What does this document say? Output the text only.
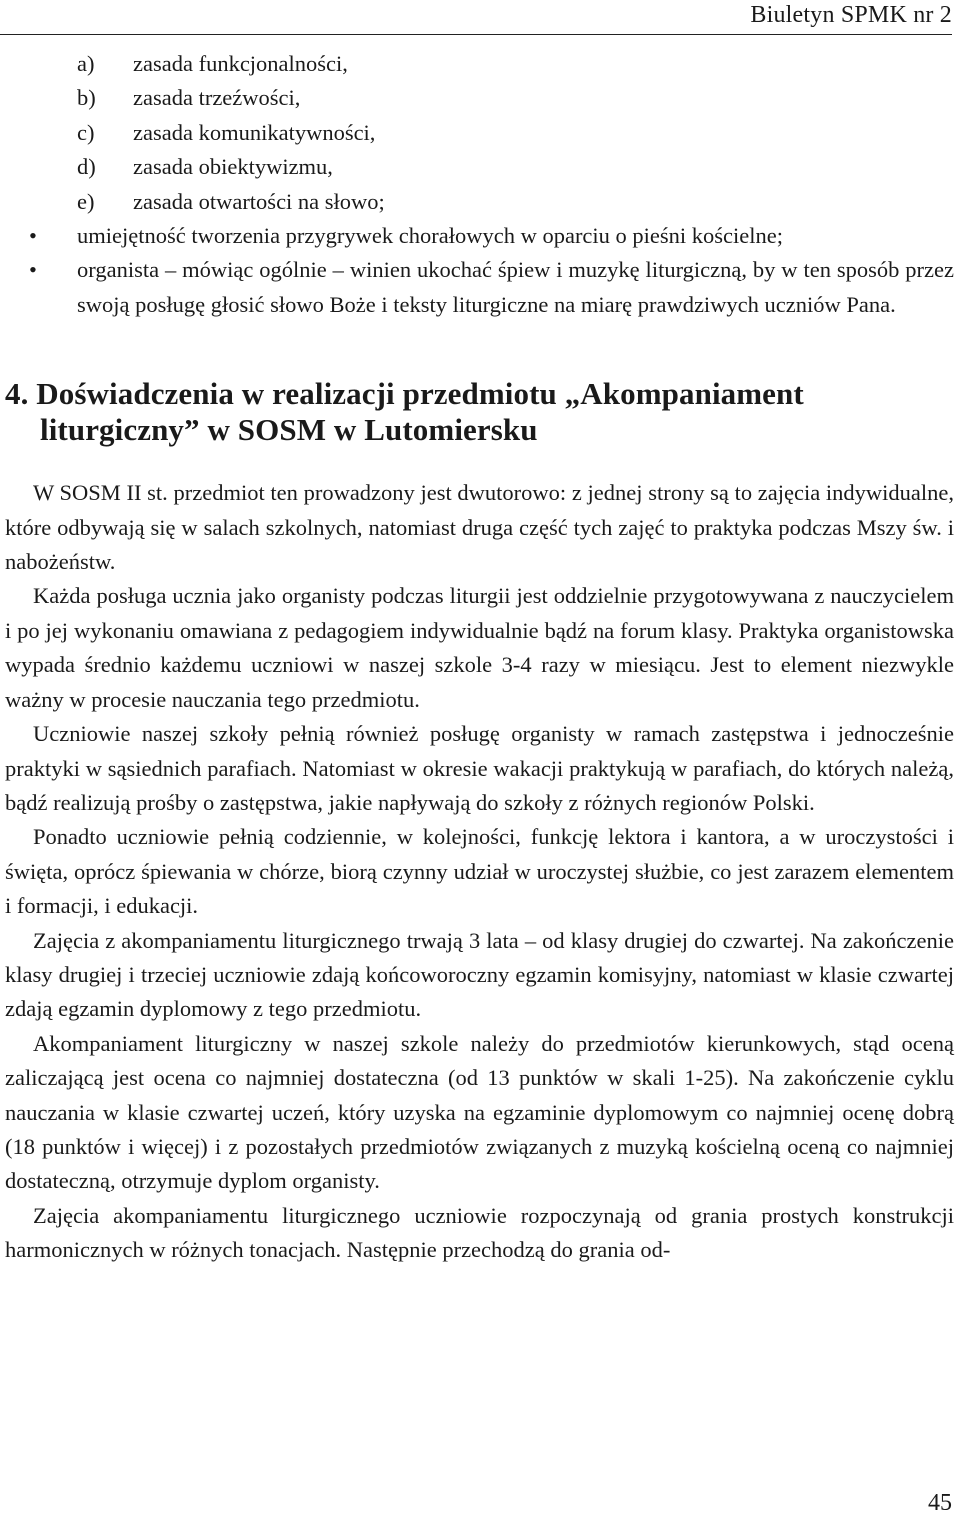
Biuletyn SPMK nr 2
a) zasada funkcjonalności,
b) zasada trzeźwości,
c) zasada komunikatywności,
d) zasada obiektywizmu,
e) zasada otwartości na słowo;
• umiejętność tworzenia przygrywek chorałowych w oparciu o pieśni kościelne;
• organista – mówiąc ogólnie – winien ukochać śpiew i muzykę liturgiczną, by w ten sposób przez swoją posługę głosić słowo Boże i teksty liturgiczne na miarę prawdziwych uczniów Pana.
4. Doświadczenia w realizacji przedmiotu „Akompaniament liturgiczny” w SOSM w Lutomiersku

W SOSM II st. przedmiot ten prowadzony jest dwutorowo: z jednej strony są to zajęcia indywidualne, które odbywają się w salach szkolnych, natomiast druga część tych zajęć to praktyka podczas Mszy św. i nabożeństw.

Każda posługa ucznia jako organisty podczas liturgii jest oddzielnie przygotowywana z nauczycielem i po jej wykonaniu omawiana z pedagogiem indywidualnie bądź na forum klasy. Praktyka organistowska wypada średnio każdemu uczniowi w naszej szkole 3-4 razy w miesiącu. Jest to element niezwykle ważny w procesie nauczania tego przedmiotu.

Uczniowie naszej szkoły pełnią również posługę organisty w ramach zastępstwa i jednocześnie praktyki w sąsiednich parafiach. Natomiast w okresie wakacji praktykują w parafiach, do których należą, bądź realizują prośby o zastępstwa, jakie napływają do szkoły z różnych regionów Polski.

Ponadto uczniowie pełnią codziennie, w kolejności, funkcję lektora i kantora, a w uroczystości i święta, oprócz śpiewania w chórze, biorą czynny udział w uroczystej służbie, co jest zarazem elementem i formacji, i edukacji.

Zajęcia z akompaniamentu liturgicznego trwają 3 lata – od klasy drugiej do czwartej. Na zakończenie klasy drugiej i trzeciej uczniowie zdają końcoworoczny egzamin komisyjny, natomiast w klasie czwartej zdają egzamin dyplomowy z tego przedmiotu.

Akompaniament liturgiczny w naszej szkole należy do przedmiotów kierunkowych, stąd oceną zaliczającą jest ocena co najmniej dostateczna (od 13 punktów w skali 1-25). Na zakończenie cyklu nauczania w klasie czwartej uczeń, który uzyska na egzaminie dyplomowym co najmniej ocenę dobrą (18 punktów i więcej) i z pozostałych przedmiotów związanych z muzyką kościelną oceną co najmniej dostateczną, otrzymuje dyplom organisty.

Zajęcia akompaniamentu liturgicznego uczniowie rozpoczynają od grania prostych konstrukcji harmonicznych w różnych tonacjach. Następnie przechodzą do grania od-

45
